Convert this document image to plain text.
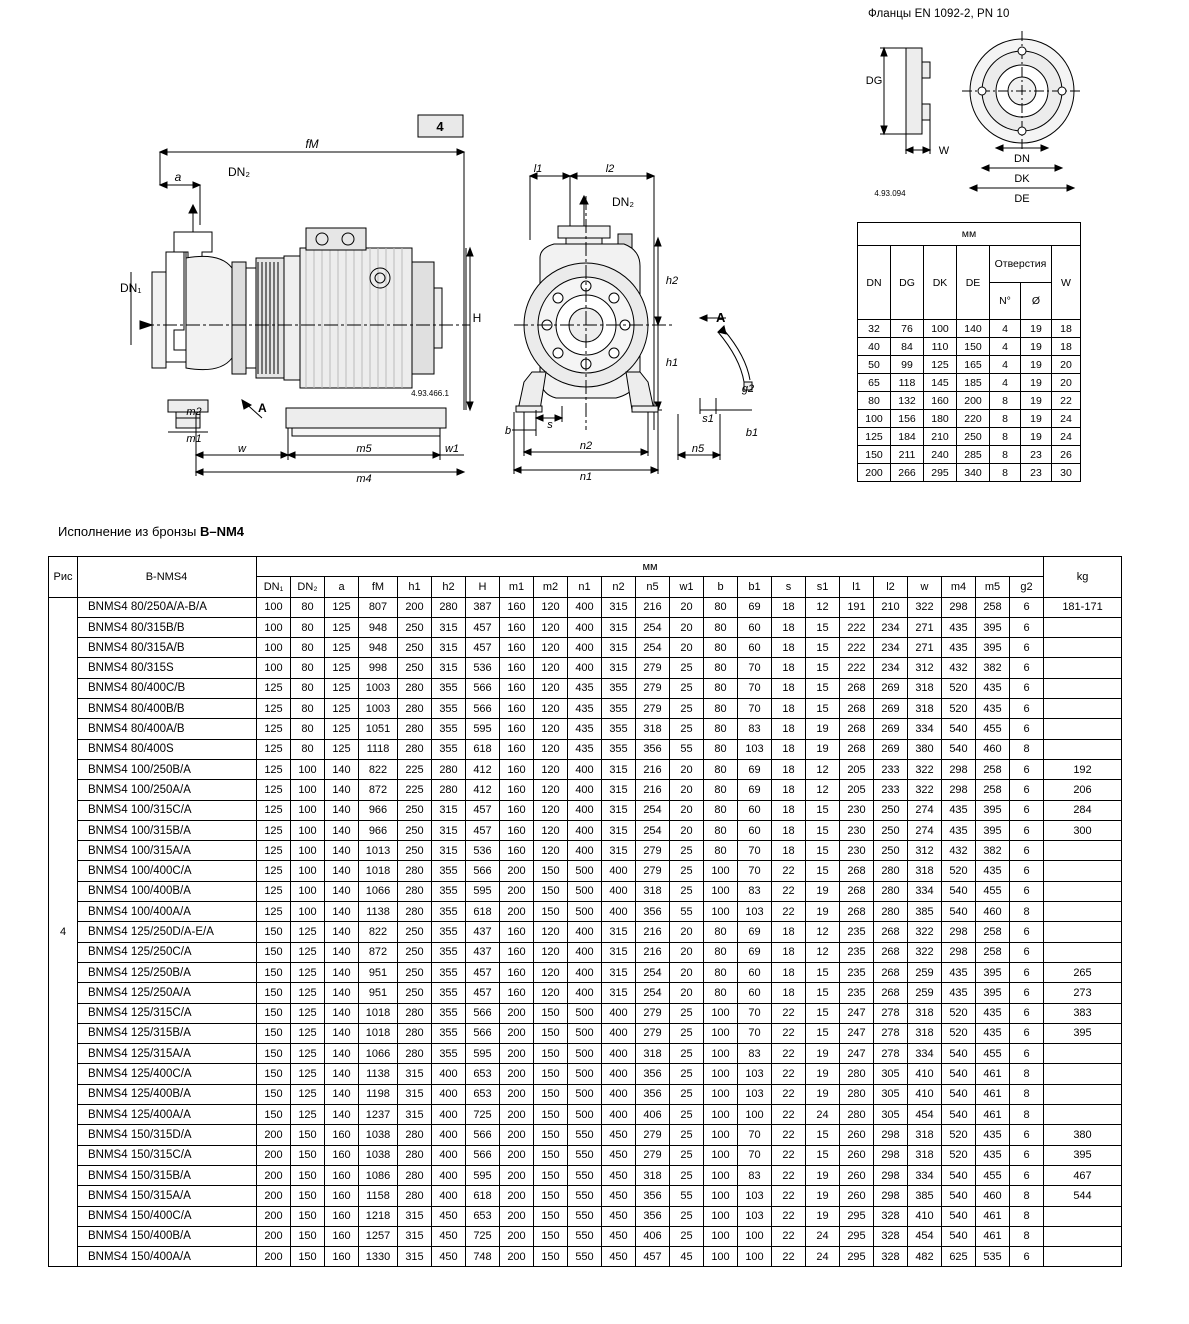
4
fM
a	DN₂
DN₁
H
A
m2
m1
w	m5	w1
m4
4.93.466.1
l1	l2
DN₂
h2
h1
b	s
n2
n1
A
s1
b1
g2
n5
DG
W
4.93.094
DN
DK
DE
Фланцы EN 1092-2, PN 10
мм						
DN	DG	DK	DE	Отверстия		W
				N°	Ø	
32	76	100	140	4	19	18
40	84	110	150	4	19	18
50	99	125	165	4	19	20
65	118	145	185	4	19	20
80	132	160	200	8	19	22
100	156	180	220	8	19	24
125	184	210	250	8	19	24
150	211	240	285	8	23	26
200	266	295	340	8	23	30
Исполнение из бронзы B–NM4
Рис	B-NMS4	мм																							kg
		DN₁	DN₂	a	fM	h1	h2	H	m1	m2	n1	n2	n5	w1	b	b1	s	s1	l1	l2	w	m4	m5	g2	
4	BNMS4 80/250A/A-B/A	100	80	125	807	200	280	387	160	120	400	315	216	20	80	69	18	12	191	210	322	298	258	6	181-171
	BNMS4 80/315B/B	100	80	125	948	250	315	457	160	120	400	315	254	20	80	60	18	15	222	234	271	435	395	6	
	BNMS4 80/315A/B	100	80	125	948	250	315	457	160	120	400	315	254	20	80	60	18	15	222	234	271	435	395	6	
	BNMS4 80/315S	100	80	125	998	250	315	536	160	120	400	315	279	25	80	70	18	15	222	234	312	432	382	6	
	BNMS4 80/400C/B	125	80	125	1003	280	355	566	160	120	435	355	279	25	80	70	18	15	268	269	318	520	435	6	
	BNMS4 80/400B/B	125	80	125	1003	280	355	566	160	120	435	355	279	25	80	70	18	15	268	269	318	520	435	6	
	BNMS4 80/400A/B	125	80	125	1051	280	355	595	160	120	435	355	318	25	80	83	18	19	268	269	334	540	455	6	
	BNMS4 80/400S	125	80	125	1118	280	355	618	160	120	435	355	356	55	80	103	18	19	268	269	380	540	460	8	
	BNMS4 100/250B/A	125	100	140	822	225	280	412	160	120	400	315	216	20	80	69	18	12	205	233	322	298	258	6	192
	BNMS4 100/250A/A	125	100	140	872	225	280	412	160	120	400	315	216	20	80	69	18	12	205	233	322	298	258	6	206
	BNMS4 100/315C/A	125	100	140	966	250	315	457	160	120	400	315	254	20	80	60	18	15	230	250	274	435	395	6	284
	BNMS4 100/315B/A	125	100	140	966	250	315	457	160	120	400	315	254	20	80	60	18	15	230	250	274	435	395	6	300
	BNMS4 100/315A/A	125	100	140	1013	250	315	536	160	120	400	315	279	25	80	70	18	15	230	250	312	432	382	6	
	BNMS4 100/400C/A	125	100	140	1018	280	355	566	200	150	500	400	279	25	100	70	22	15	268	280	318	520	435	6	
	BNMS4 100/400B/A	125	100	140	1066	280	355	595	200	150	500	400	318	25	100	83	22	19	268	280	334	540	455	6	
	BNMS4 100/400A/A	125	100	140	1138	280	355	618	200	150	500	400	356	55	100	103	22	19	268	280	385	540	460	8	
	BNMS4 125/250D/A-E/A	150	125	140	822	250	355	437	160	120	400	315	216	20	80	69	18	12	235	268	322	298	258	6	
	BNMS4 125/250C/A	150	125	140	872	250	355	437	160	120	400	315	216	20	80	69	18	12	235	268	322	298	258	6	
	BNMS4 125/250B/A	150	125	140	951	250	355	457	160	120	400	315	254	20	80	60	18	15	235	268	259	435	395	6	265
	BNMS4 125/250A/A	150	125	140	951	250	355	457	160	120	400	315	254	20	80	60	18	15	235	268	259	435	395	6	273
	BNMS4 125/315C/A	150	125	140	1018	280	355	566	200	150	500	400	279	25	100	70	22	15	247	278	318	520	435	6	383
	BNMS4 125/315B/A	150	125	140	1018	280	355	566	200	150	500	400	279	25	100	70	22	15	247	278	318	520	435	6	395
	BNMS4 125/315A/A	150	125	140	1066	280	355	595	200	150	500	400	318	25	100	83	22	19	247	278	334	540	455	6	
	BNMS4 125/400C/A	150	125	140	1138	315	400	653	200	150	500	400	356	25	100	103	22	19	280	305	410	540	461	8	
	BNMS4 125/400B/A	150	125	140	1198	315	400	653	200	150	500	400	356	25	100	103	22	19	280	305	410	540	461	8	
	BNMS4 125/400A/A	150	125	140	1237	315	400	725	200	150	500	400	406	25	100	100	22	24	280	305	454	540	461	8	
	BNMS4 150/315D/A	200	150	160	1038	280	400	566	200	150	550	450	279	25	100	70	22	15	260	298	318	520	435	6	380
	BNMS4 150/315C/A	200	150	160	1038	280	400	566	200	150	550	450	279	25	100	70	22	15	260	298	318	520	435	6	395
	BNMS4 150/315B/A	200	150	160	1086	280	400	595	200	150	550	450	318	25	100	83	22	19	260	298	334	540	455	6	467
	BNMS4 150/315A/A	200	150	160	1158	280	400	618	200	150	550	450	356	55	100	103	22	19	260	298	385	540	460	8	544
	BNMS4 150/400C/A	200	150	160	1218	315	450	653	200	150	550	450	356	25	100	103	22	19	295	328	410	540	461	8	
	BNMS4 150/400B/A	200	150	160	1257	315	450	725	200	150	550	450	406	25	100	100	22	24	295	328	454	540	461	8	
	BNMS4 150/400A/A	200	150	160	1330	315	450	748	200	150	550	450	457	45	100	100	22	24	295	328	482	625	535	6	
